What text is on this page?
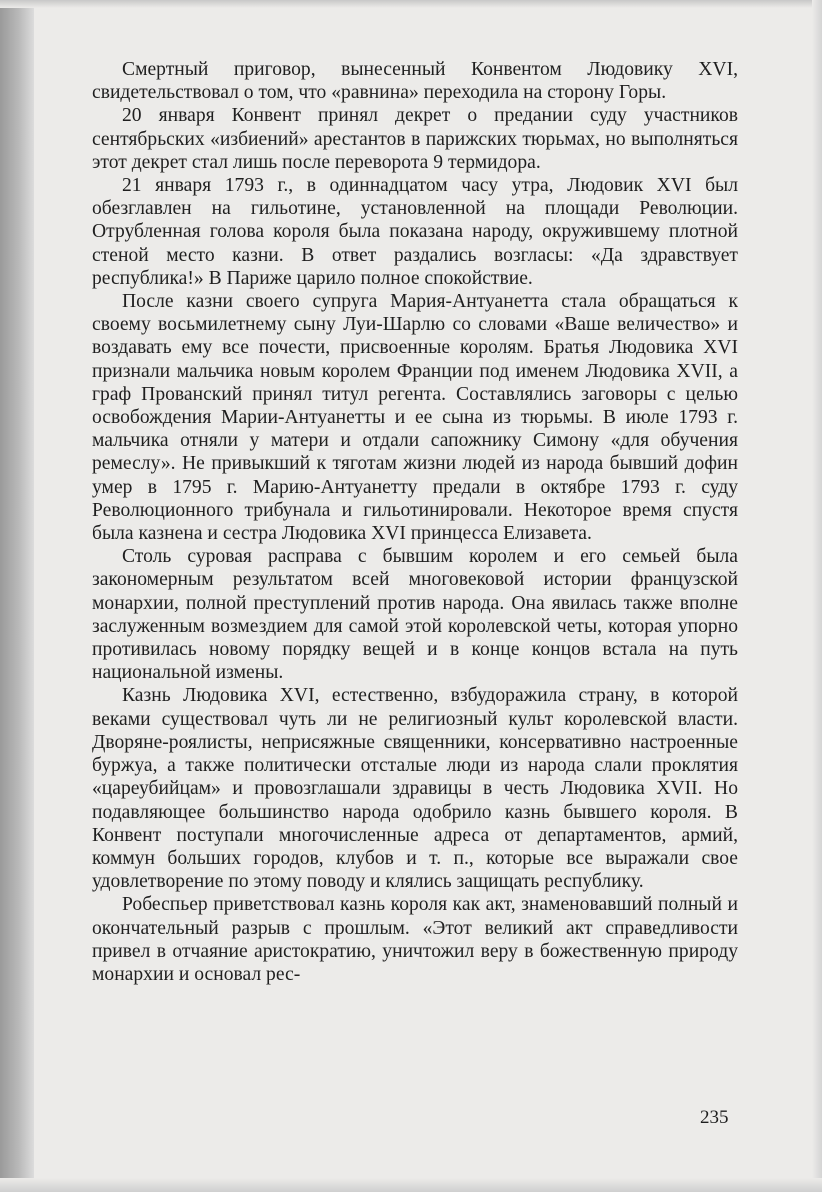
Смертный приговор, вынесенный Конвентом Людовику XVI, свидетельствовал о том, что «равнина» переходила на сторону Горы.

20 января Конвент принял декрет о предании суду участников сентябрьских «избиений» арестантов в парижских тюрьмах, но выполняться этот декрет стал лишь после переворота 9 термидора.

21 января 1793 г., в одиннадцатом часу утра, Людовик XVI был обезглавлен на гильотине, установленной на площади Революции. Отрубленная голова короля была показана народу, окружившему плотной стеной место казни. В ответ раздались возгласы: «Да здравствует республика!» В Париже царило полное спокойствие.

После казни своего супруга Мария-Антуанетта стала обращаться к своему восьмилетнему сыну Луи-Шарлю со словами «Ваше величество» и воздавать ему все почести, присвоенные королям. Братья Людовика XVI признали мальчика новым королем Франции под именем Людовика XVII, а граф Прованский принял титул регента. Составлялись заговоры с целью освобождения Марии-Антуанетты и ее сына из тюрьмы. В июле 1793 г. мальчика отняли у матери и отдали сапожнику Симону «для обучения ремеслу». Не привыкший к тяготам жизни людей из народа бывший дофин умер в 1795 г. Марию-Антуанетту предали в октябре 1793 г. суду Революционного трибунала и гильотинировали. Некоторое время спустя была казнена и сестра Людовика XVI принцесса Елизавета.

Столь суровая расправа с бывшим королем и его семьей была закономерным результатом всей многовековой истории французской монархии, полной преступлений против народа. Она явилась также вполне заслуженным возмездием для самой этой королевской четы, которая упорно противилась новому порядку вещей и в конце концов встала на путь национальной измены.

Казнь Людовика XVI, естественно, взбудоражила страну, в которой веками существовал чуть ли не религиозный культ королевской власти. Дворяне-роялисты, неприсяжные священники, консервативно настроенные буржуа, а также политически отсталые люди из народа слали проклятия «цареубийцам» и провозглашали здравицы в честь Людовика XVII. Но подавляющее большинство народа одобрило казнь бывшего короля. В Конвент поступали многочисленные адреса от департаментов, армий, коммун больших городов, клубов и т. п., которые все выражали свое удовлетворение по этому поводу и клялись защищать республику.

Робеспьер приветствовал казнь короля как акт, знаменовавший полный и окончательный разрыв с прошлым. «Этот великий акт справедливости привел в отчаяние аристократию, уничтожил веру в божественную природу монархии и основал рес-

235
